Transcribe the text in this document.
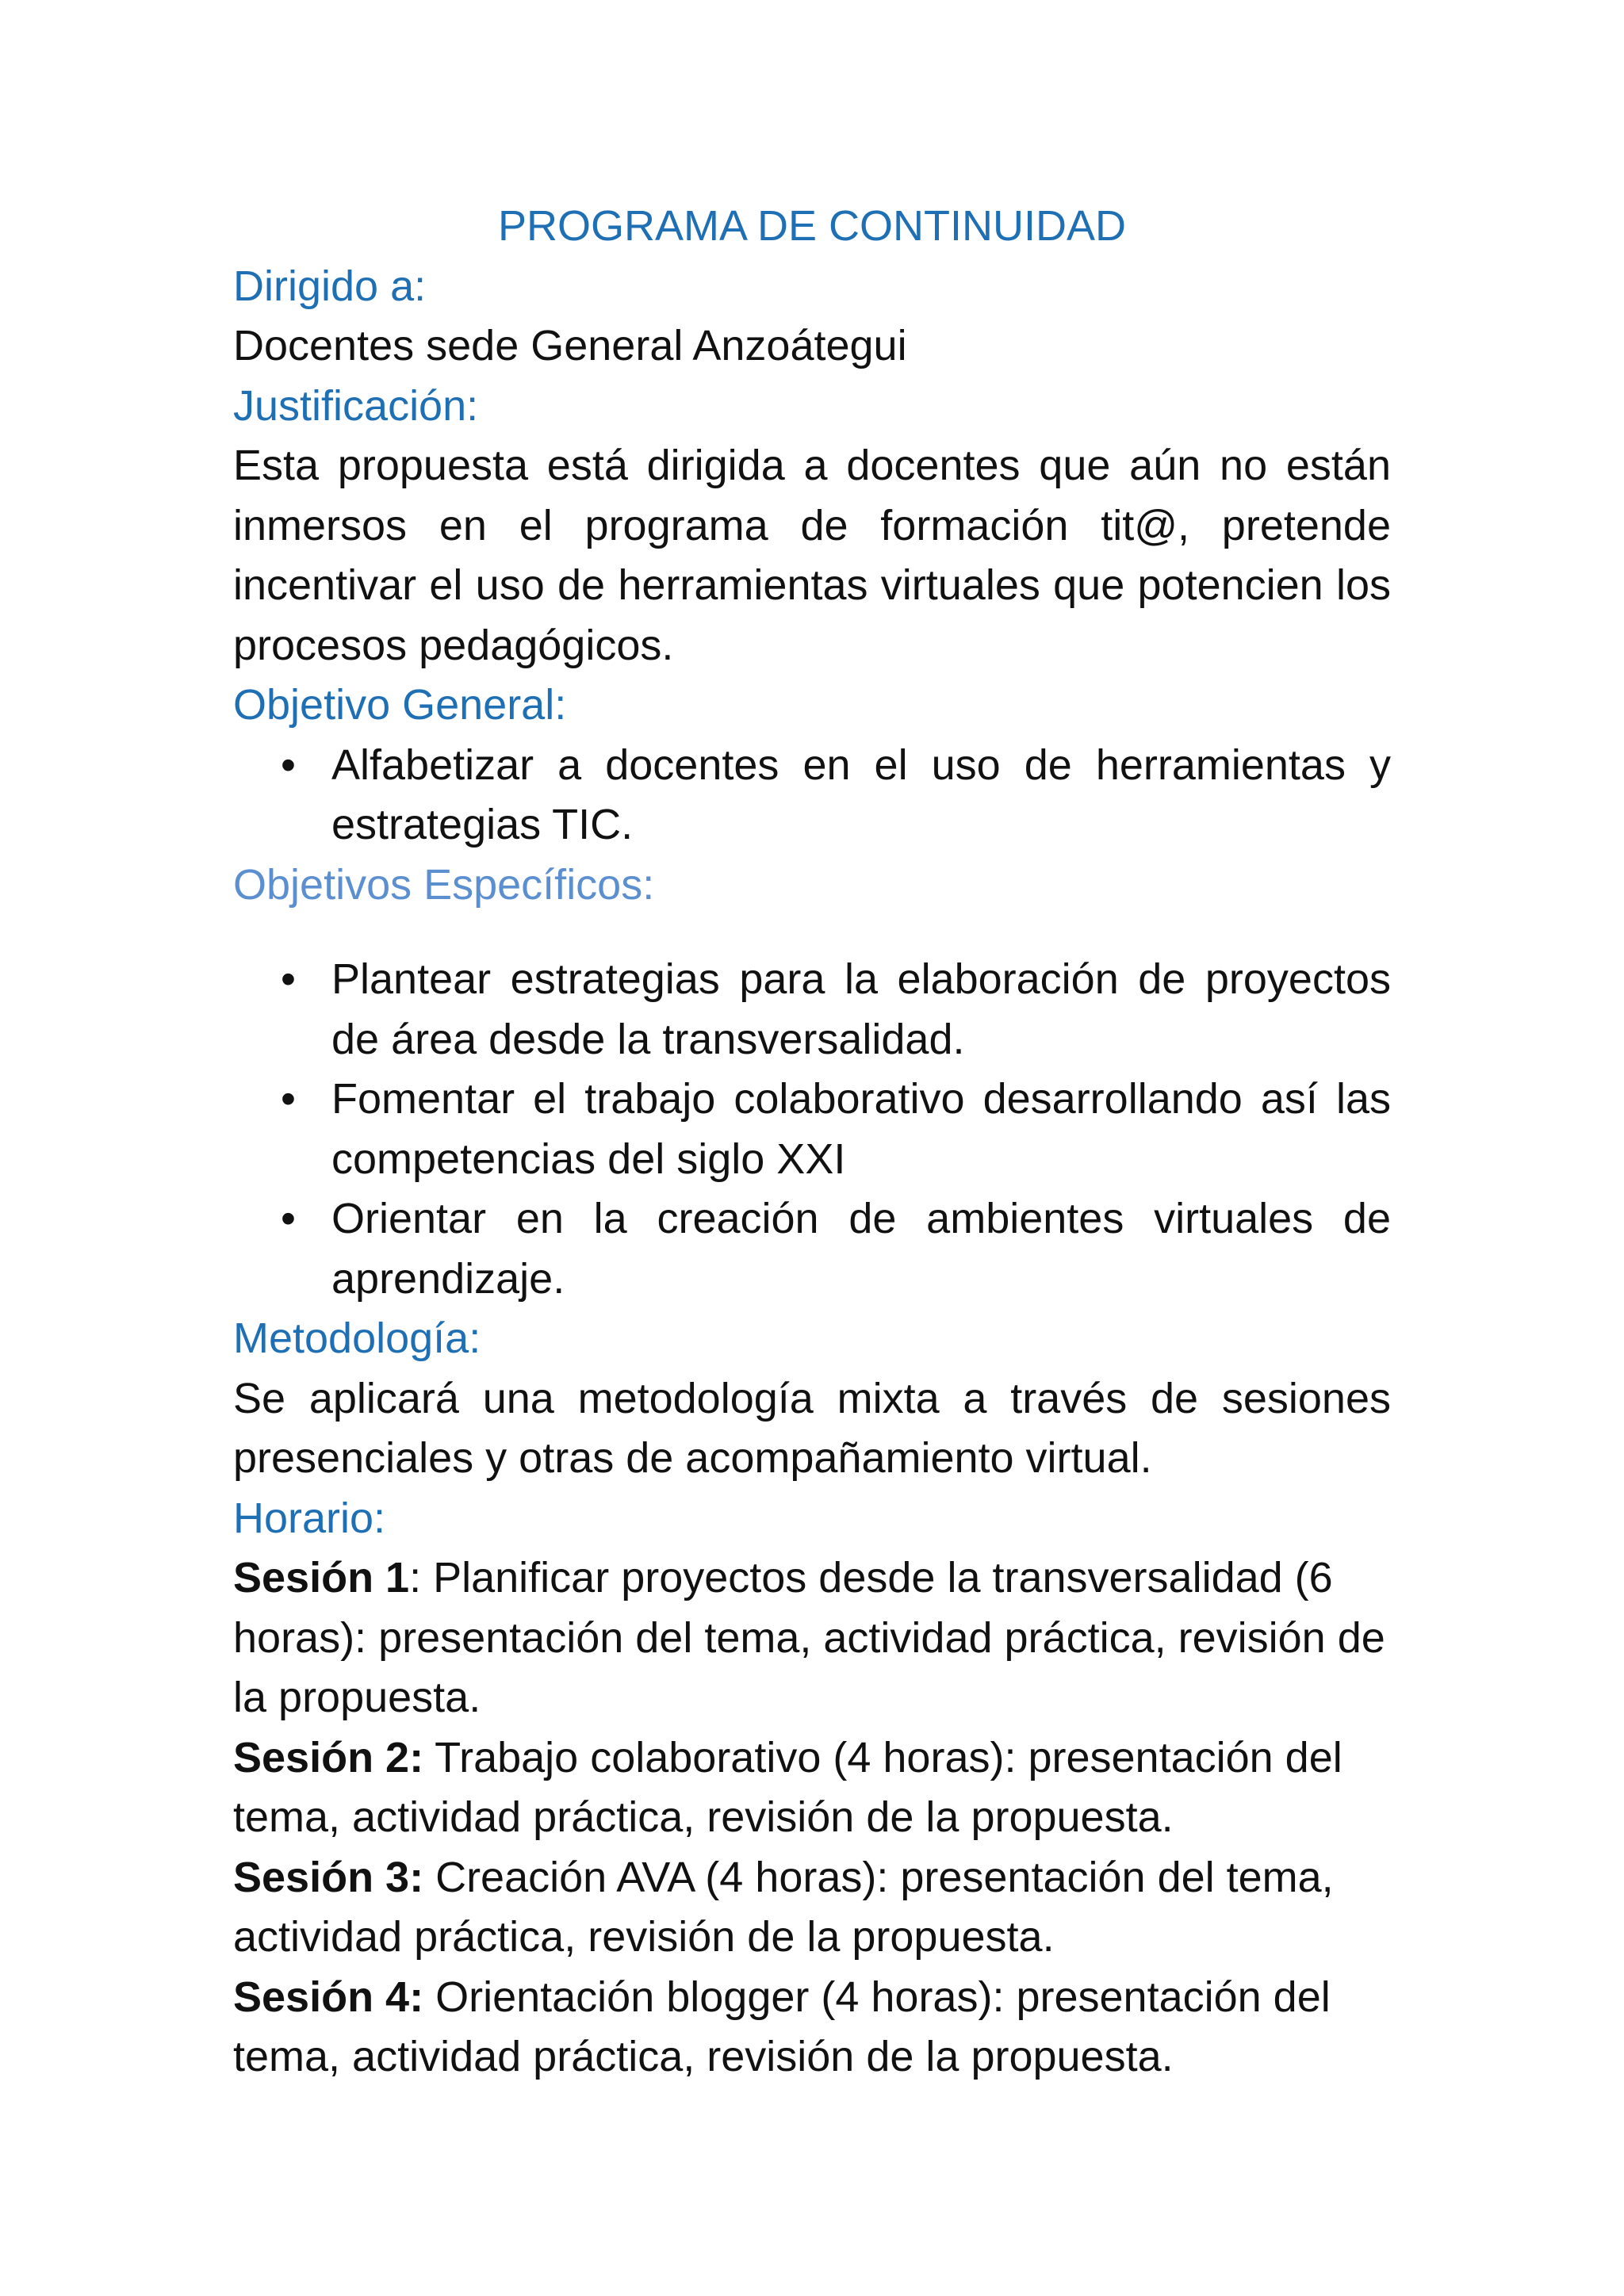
PROGRAMA DE CONTINUIDAD
Dirigido a:

Docentes sede General Anzoátegui

Justificación:

Esta propuesta está dirigida a docentes que aún no están inmersos en el programa de formación tit@, pretende incentivar el uso de herramientas virtuales que potencien los procesos pedagógicos.

Objetivo General:
• Alfabetizar a docentes en el uso de herramientas y estrategias TIC.
Objetivos Específicos:
• Plantear estrategias para la elaboración de proyectos de área desde la transversalidad.
• Fomentar el trabajo colaborativo desarrollando así las competencias del siglo XXI
• Orientar en la creación de ambientes virtuales de aprendizaje.
Metodología:

Se aplicará una metodología mixta a través de sesiones presenciales y otras de acompañamiento virtual.

Horario:

Sesión 1: Planificar proyectos desde la transversalidad (6 horas): presentación del tema, actividad práctica, revisión de la propuesta.

Sesión 2: Trabajo colaborativo (4 horas): presentación del tema, actividad práctica, revisión de la propuesta.

Sesión 3: Creación AVA (4 horas): presentación del tema, actividad práctica, revisión de la propuesta.

Sesión 4: Orientación blogger (4 horas): presentación del tema, actividad práctica, revisión de la propuesta.
